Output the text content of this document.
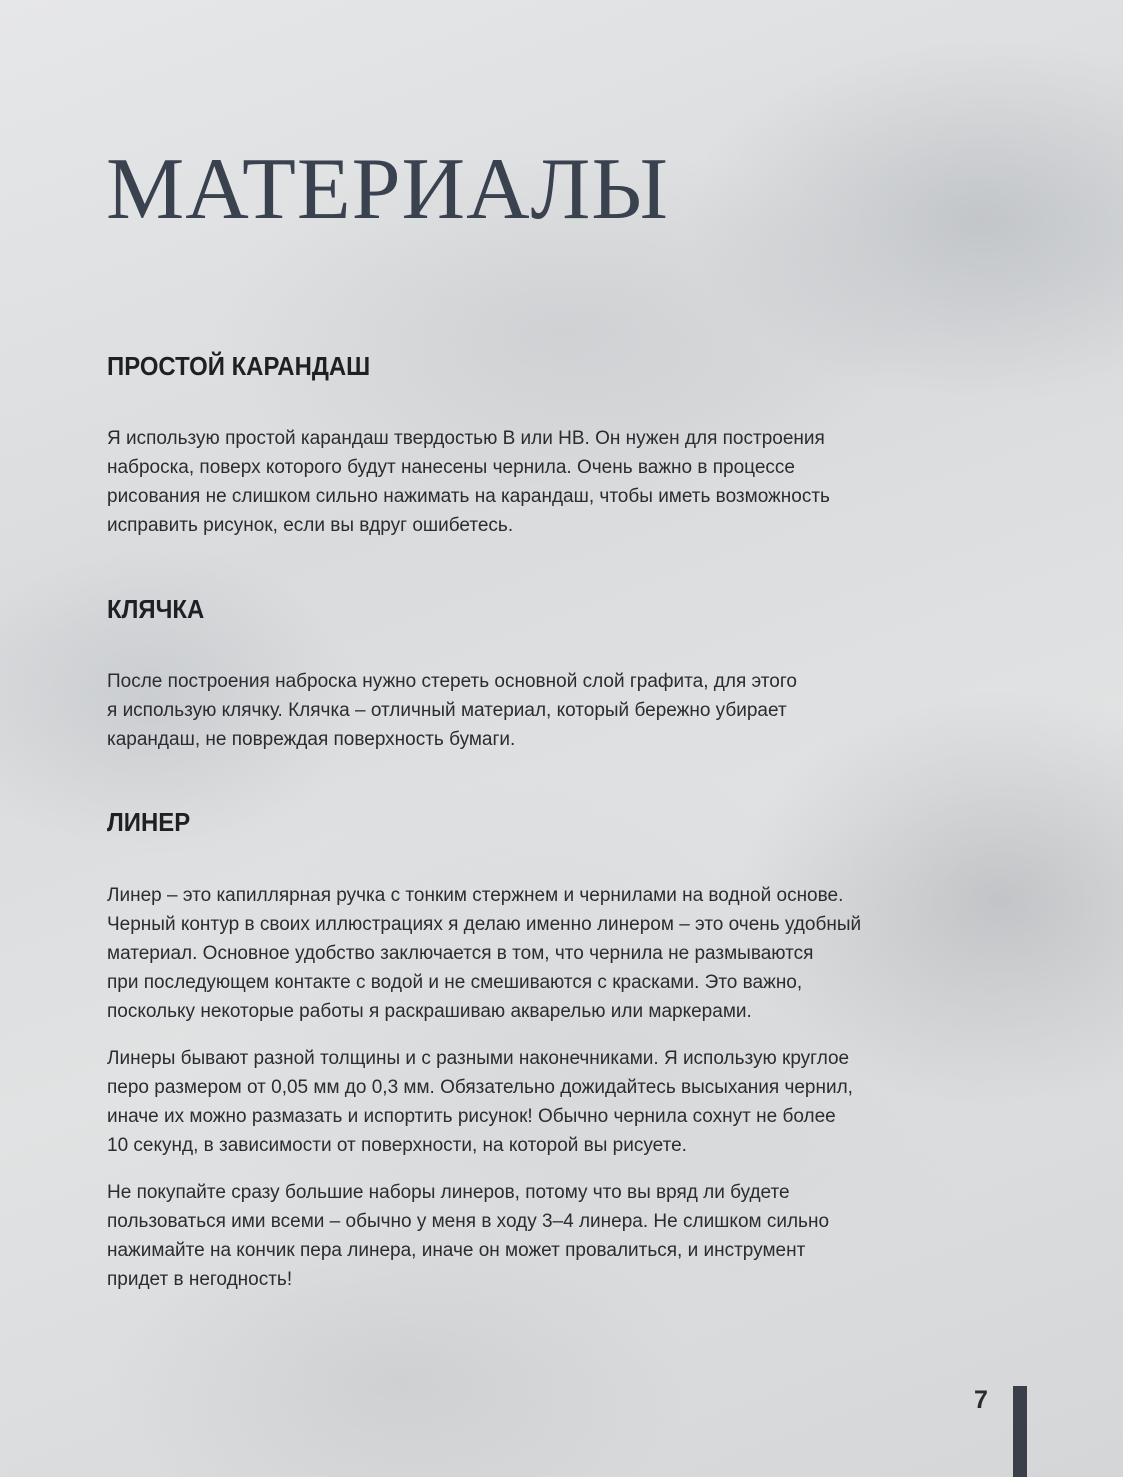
МАТЕРИАЛЫ
ПРОСТОЙ КАРАНДАШ

Я использую простой карандаш твердостью B или HB. Он нужен для построения
наброска, поверх которого будут нанесены чернила. Очень важно в процессе
рисования не слишком сильно нажимать на карандаш, чтобы иметь возможность
исправить рисунок, если вы вдруг ошибетесь.

КЛЯЧКА

После построения наброска нужно стереть основной слой графита, для этого
я использую клячку. Клячка – отличный материал, который бережно убирает
карандаш, не повреждая поверхность бумаги.

ЛИНЕР

Линер – это капиллярная ручка с тонким стержнем и чернилами на водной основе.
Черный контур в своих иллюстрациях я делаю именно линером – это очень удобный
материал. Основное удобство заключается в том, что чернила не размываются
при последующем контакте с водой и не смешиваются с красками. Это важно,
поскольку некоторые работы я раскрашиваю акварелью или маркерами.

Линеры бывают разной толщины и с разными наконечниками. Я использую круглое
перо размером от 0,05 мм до 0,3 мм. Обязательно дожидайтесь высыхания чернил,
иначе их можно размазать и испортить рисунок! Обычно чернила сохнут не более
10 секунд, в зависимости от поверхности, на которой вы рисуете.

Не покупайте сразу большие наборы линеров, потому что вы вряд ли будете
пользоваться ими всеми – обычно у меня в ходу 3–4 линера. Не слишком сильно
нажимайте на кончик пера линера, иначе он может провалиться, и инструмент
придет в негодность!

7
